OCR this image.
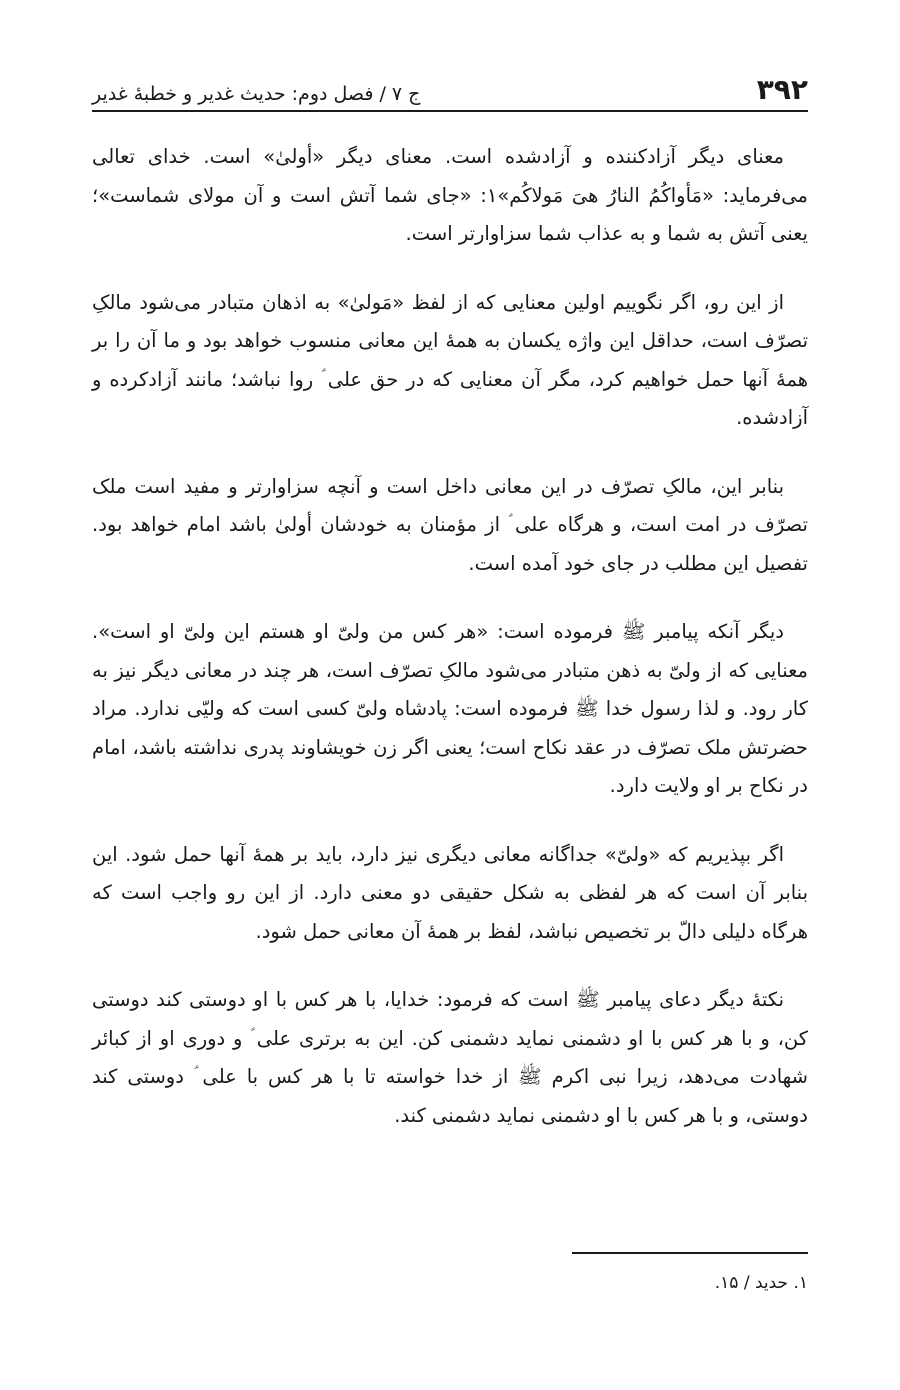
۳۹۲
ج ۷ / فصل دوم: حدیث غدیر و خطبهٔ غدیر

معنای دیگر آزادکننده و آزادشده است. معنای دیگر «أولیٰ» است. خدای تعالی می‌فرماید: «مَأواکُمُ النارُ هیَ مَولاکُم»۱: «جای شما آتش است و آن مولای شماست»؛ یعنی آتش به شما و به عذاب شما سزاوارتر است.

از این رو، اگر نگوییم اولین معنایی که از لفظ «مَولیٰ» به اذهان متبادر می‌شود مالکِ تصرّف است، حداقل این واژه یکسان به همهٔ این معانی منسوب خواهد بود و ما آن را بر همهٔ آنها حمل خواهیم کرد، مگر آن معنایی که در حق علی ؑ روا نباشد؛ مانند آزادکرده و آزادشده.

بنابر این، مالکِ تصرّف در این معانی داخل است و آنچه سزاوارتر و مفید است ملک تصرّف در امت است، و هرگاه علی ؑ از مؤمنان به خودشان أولیٰ باشد امام خواهد بود. تفصیل این مطلب در جای خود آمده است.

دیگر آنکه پیامبر ﷺ فرموده است: «هر کس من ولیّ او هستم این ولیّ او است». معنایی که از ولیّ به ذهن متبادر می‌شود مالکِ تصرّف است، هر چند در معانی دیگر نیز به کار رود. و لذا رسول خدا ﷺ فرموده است: پادشاه ولیّ کسی است که ولیّی ندارد. مراد حضرتش ملک تصرّف در عقد نکاح است؛ یعنی اگر زن خویشاوند پدری نداشته باشد، امام در نکاح بر او ولایت دارد.

اگر بپذیریم که «ولیّ» جداگانه معانی دیگری نیز دارد، باید بر همهٔ آنها حمل شود. این بنابر آن است که هر لفظی به شکل حقیقی دو معنی دارد. از این رو واجب است که هرگاه دلیلی دالّ بر تخصیص نباشد، لفظ بر همهٔ آن معانی حمل شود.

نکتهٔ دیگر دعای پیامبر ﷺ است که فرمود: خدایا، با هر کس با او دوستی کند دوستی کن، و با هر کس با او دشمنی نماید دشمنی کن. این به برتری علی ؑ و دوری او از کبائر شهادت می‌دهد، زیرا نبی اکرم ﷺ از خدا خواسته تا با هر کس با علی ؑ دوستی کند دوستی، و با هر کس با او دشمنی نماید دشمنی کند.

۱. حدید / ۱۵.
